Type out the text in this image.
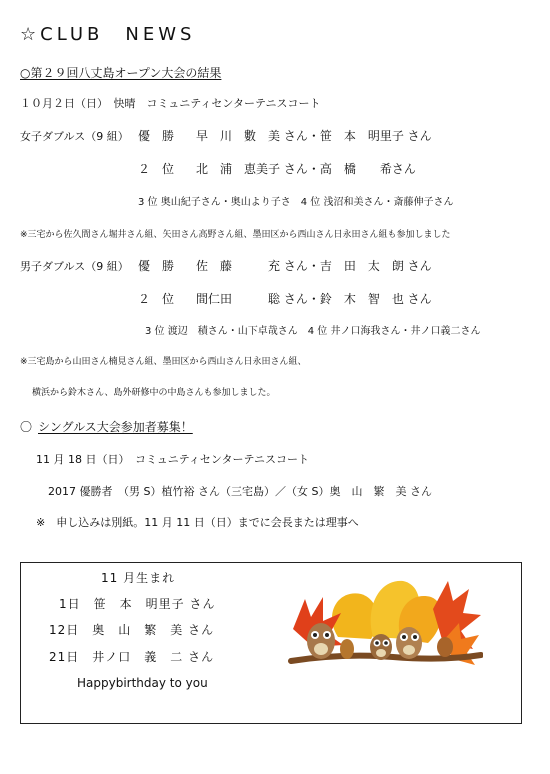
☆CLUB　NEWS
○第２９回八丈島オープン大会の結果
１０月２日（日）　快晴　コミュニティセンターテニスコート
女子ダブルス（9 組） 優　勝 早　川　數　美 さん・笹　本　明里子 さん
２　位 北　浦　恵美子 さん・高　橋　　希さん
3 位 奥山紀子さん・奥山より子さ　4 位 浅沼和美さん・斎藤伸子さん
※三宅から佐久間さん堀井さん組、矢田さん高野さん組、墨田区から西山さん日永田さん組も参加しました
男子ダブルス（9 組） 優　勝 佐　藤　　　充 さん・吉　田　太　朗 さん
２　位 間仁田　　　聡 さん・鈴　木　智　也 さん
3 位 渡辺　積さん・山下卓哉さん　4 位 井ノ口海我さん・井ノ口義二さん
※三宅島から山田さん楠見さん組、墨田区から西山さん日永田さん組、
横浜から鈴木さん、島外研修中の中島さんも参加しました。
〇 シングルス大会参加者募集！
11 月 18 日（日）　コミュニティセンターテニスコート
2017 優勝者　（男 S）植竹裕 さん（三宅島）／（女 S）奥　山　繁　美 さん
※　申し込みは別紙。11 月 11 日（日）までに会長または理事へ
11 月生まれ
1日　笹　本　明里子 さん
12日　奥　山　繁　美 さん
21日　井ノ口　義　二 さん
Happybirthday to you
